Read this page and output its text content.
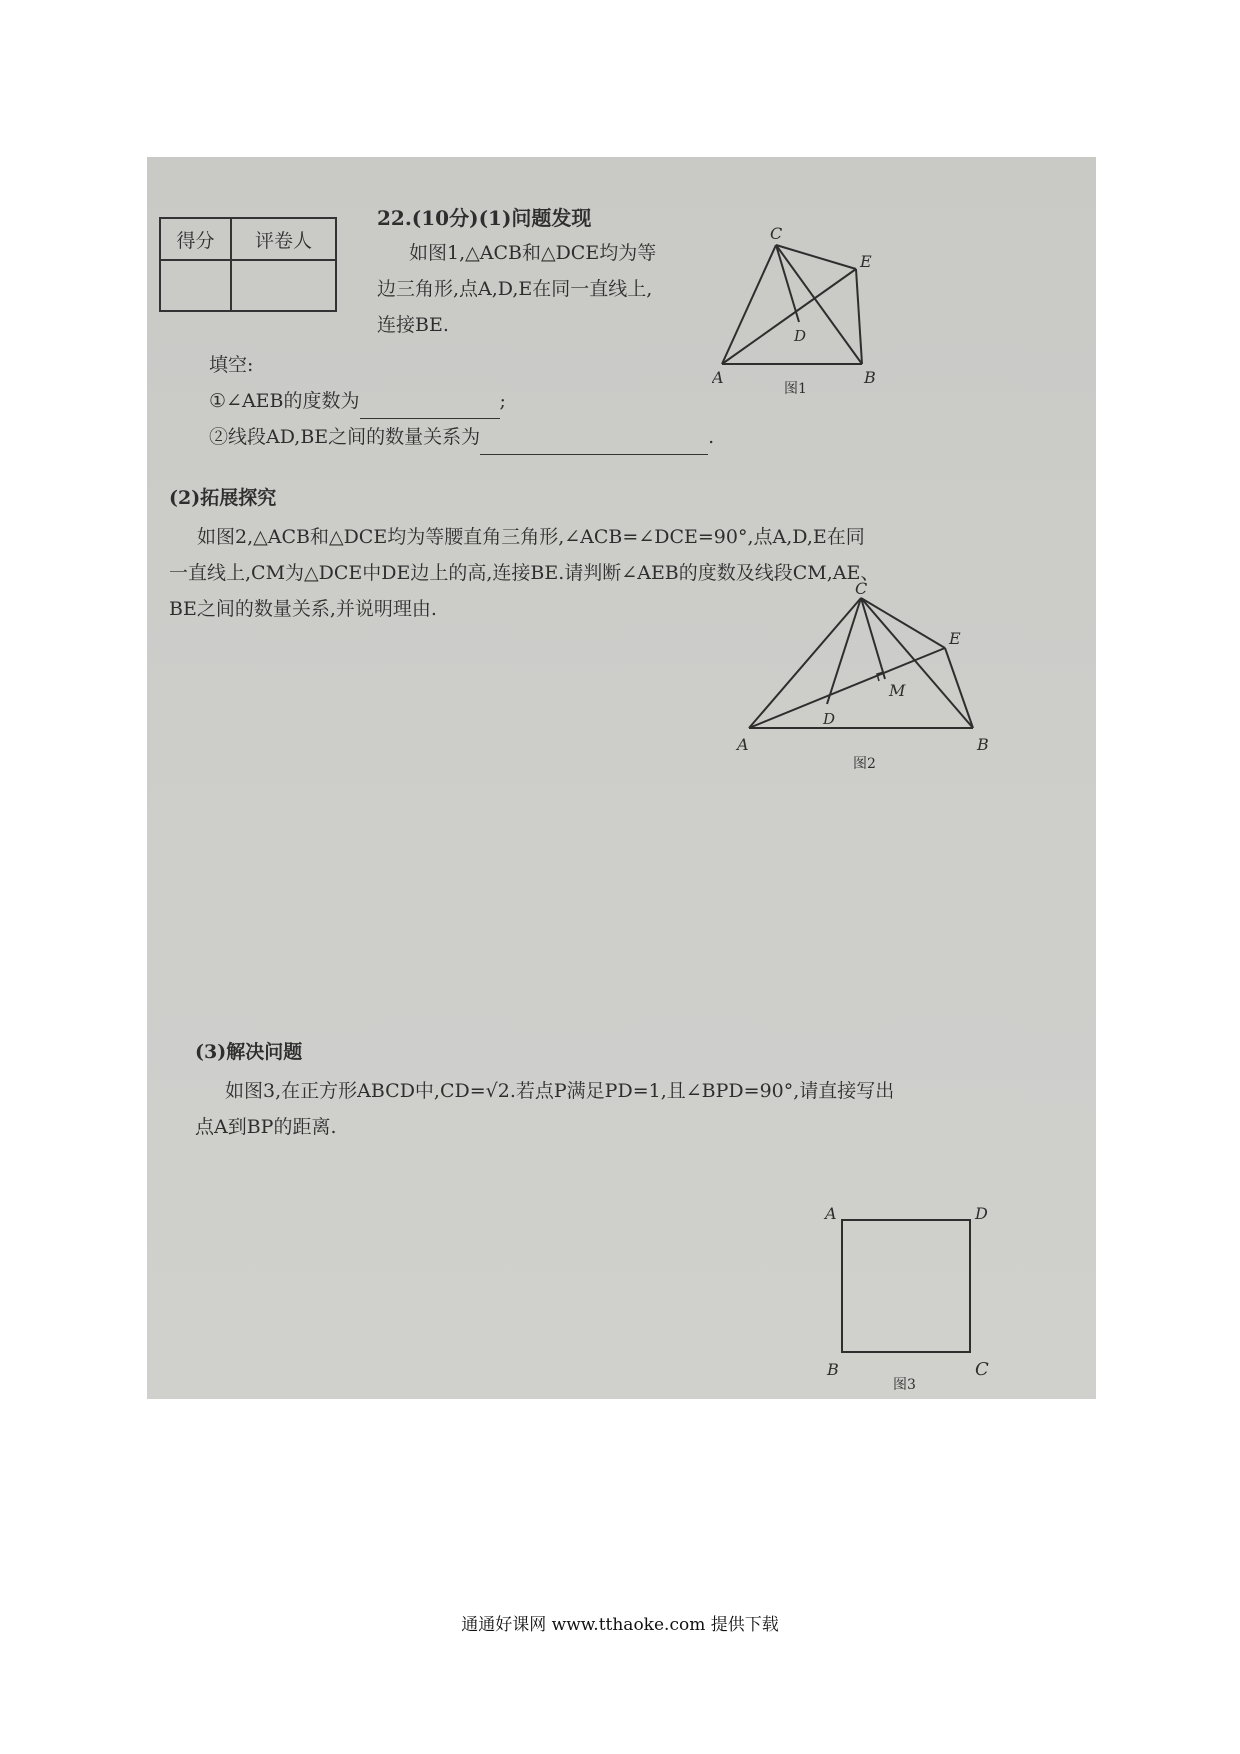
得分	评卷人

22.(10分)(1)问题发现
如图1,△ACB和△DCE均为等
边三角形,点A,D,E在同一直线上,
连接BE.
填空:
①∠AEB的度数为	;
②线段AD,BE之间的数量关系为	.
C
E
D
A	B
图1
(2)拓展探究
如图2,△ACB和△DCE均为等腰直角三角形,∠ACB=∠DCE=90°,点A,D,E在同
一直线上,CM为△DCE中DE边上的高,连接BE.请判断∠AEB的度数及线段CM,AE、
BE之间的数量关系,并说明理由.
C
E
M
D
A	B
图2
(3)解决问题
如图3,在正方形ABCD中,CD=√2.若点P满足PD=1,且∠BPD=90°,请直接写出
点A到BP的距离.
A	D
B	C
图3
通通好课网 www.tthaoke.com 提供下载
